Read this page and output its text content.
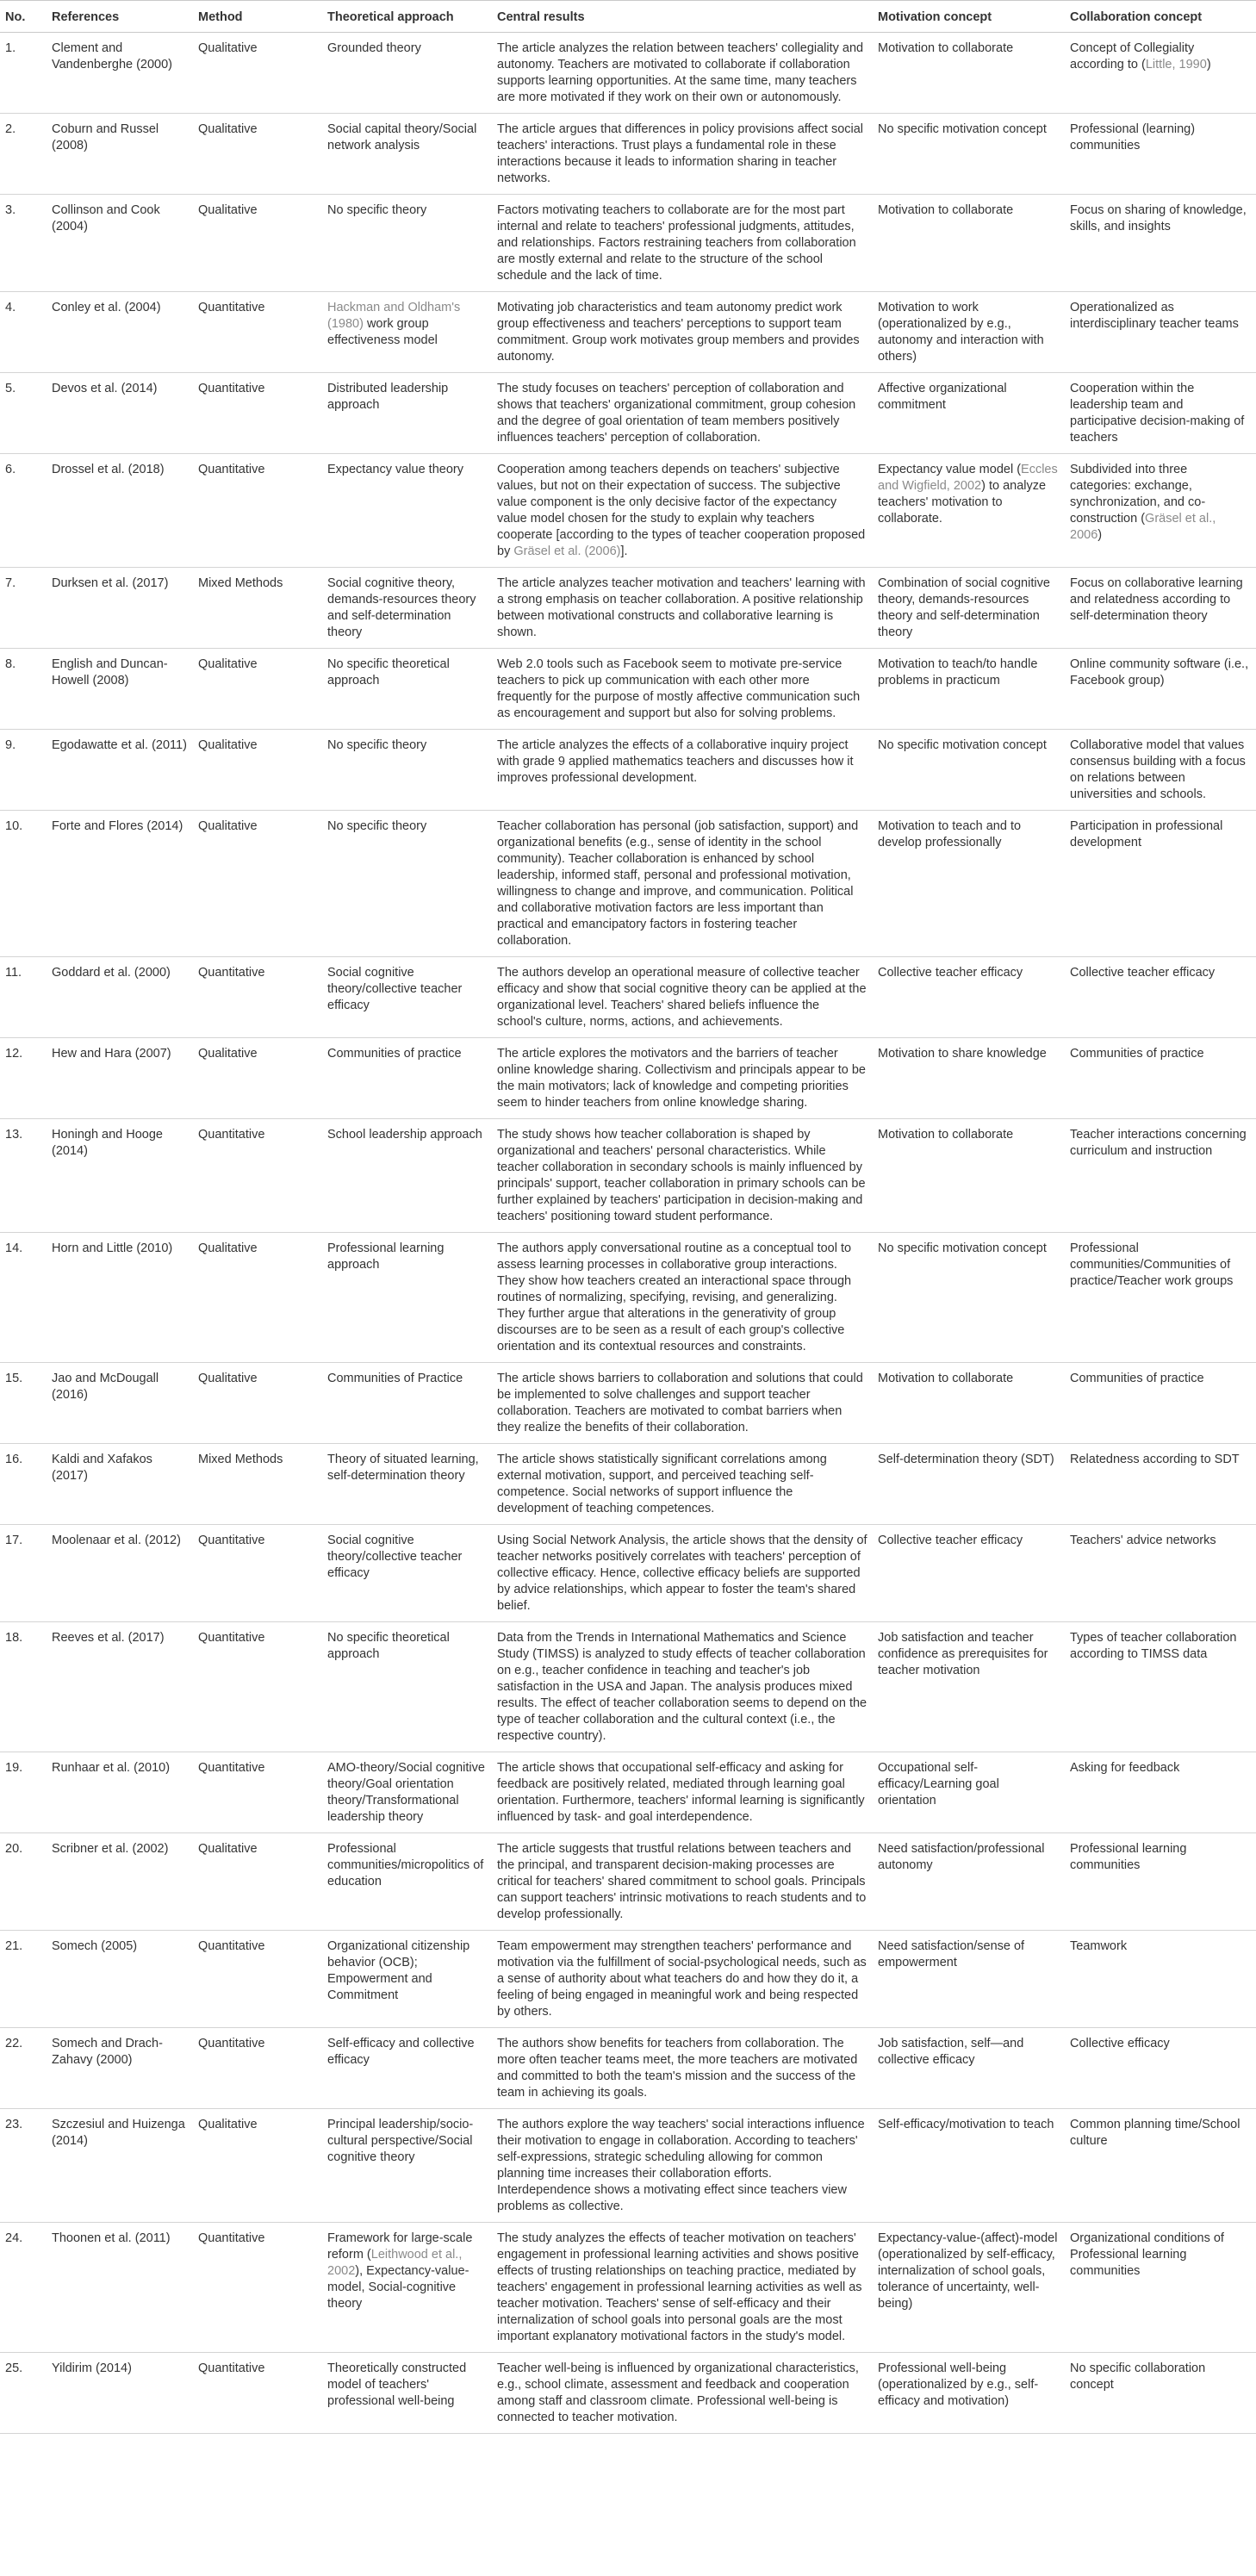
No.	References	Method	Theoretical approach	Central results	Motivation concept	Collaboration concept
1.	Clement and Vandenberghe (2000)	Qualitative	Grounded theory	The article analyzes the relation between teachers' collegiality and autonomy. Teachers are motivated to collaborate if collaboration supports learning opportunities. At the same time, many teachers are more motivated if they work on their own or autonomously.	Motivation to collaborate	Concept of Collegiality according to (Little, 1990)
2.	Coburn and Russel (2008)	Qualitative	Social capital theory/Social network analysis	The article argues that differences in policy provisions affect social teachers' interactions. Trust plays a fundamental role in these interactions because it leads to information sharing in teacher networks.	No specific motivation concept	Professional (learning) communities
3.	Collinson and Cook (2004)	Qualitative	No specific theory	Factors motivating teachers to collaborate are for the most part internal and relate to teachers' professional judgments, attitudes, and relationships. Factors restraining teachers from collaboration are mostly external and relate to the structure of the school schedule and the lack of time.	Motivation to collaborate	Focus on sharing of knowledge, skills, and insights
4.	Conley et al. (2004)	Quantitative	Hackman and Oldham's (1980) work group effectiveness model	Motivating job characteristics and team autonomy predict work group effectiveness and teachers' perceptions to support team commitment. Group work motivates group members and provides autonomy.	Motivation to work (operationalized by e.g., autonomy and interaction with others)	Operationalized as interdisciplinary teacher teams
5.	Devos et al. (2014)	Quantitative	Distributed leadership approach	The study focuses on teachers' perception of collaboration and shows that teachers' organizational commitment, group cohesion and the degree of goal orientation of team members positively influences teachers' perception of collaboration.	Affective organizational commitment	Cooperation within the leadership team and participative decision-making of teachers
6.	Drossel et al. (2018)	Quantitative	Expectancy value theory	Cooperation among teachers depends on teachers' subjective values, but not on their expectation of success. The subjective value component is the only decisive factor of the expectancy value model chosen for the study to explain why teachers cooperate [according to the types of teacher cooperation proposed by Gräsel et al. (2006)].	Expectancy value model (Eccles and Wigfield, 2002) to analyze teachers' motivation to collaborate.	Subdivided into three categories: exchange, synchronization, and co-construction (Gräsel et al., 2006)
7.	Durksen et al. (2017)	Mixed Methods	Social cognitive theory, demands-resources theory and self-determination theory	The article analyzes teacher motivation and teachers' learning with a strong emphasis on teacher collaboration. A positive relationship between motivational constructs and collaborative learning is shown.	Combination of social cognitive theory, demands-resources theory and self-determination theory	Focus on collaborative learning and relatedness according to self-determination theory
8.	English and Duncan-Howell (2008)	Qualitative	No specific theoretical approach	Web 2.0 tools such as Facebook seem to motivate pre-service teachers to pick up communication with each other more frequently for the purpose of mostly affective communication such as encouragement and support but also for solving problems.	Motivation to teach/to handle problems in practicum	Online community software (i.e., Facebook group)
9.	Egodawatte et al. (2011)	Qualitative	No specific theory	The article analyzes the effects of a collaborative inquiry project with grade 9 applied mathematics teachers and discusses how it improves professional development.	No specific motivation concept	Collaborative model that values consensus building with a focus on relations between universities and schools.
10.	Forte and Flores (2014)	Qualitative	No specific theory	Teacher collaboration has personal (job satisfaction, support) and organizational benefits (e.g., sense of identity in the school community). Teacher collaboration is enhanced by school leadership, informed staff, personal and professional motivation, willingness to change and improve, and communication. Political and collaborative motivation factors are less important than practical and emancipatory factors in fostering teacher collaboration.	Motivation to teach and to develop professionally	Participation in professional development
11.	Goddard et al. (2000)	Quantitative	Social cognitive theory/collective teacher efficacy	The authors develop an operational measure of collective teacher efficacy and show that social cognitive theory can be applied at the organizational level. Teachers' shared beliefs influence the school's culture, norms, actions, and achievements.	Collective teacher efficacy	Collective teacher efficacy
12.	Hew and Hara (2007)	Qualitative	Communities of practice	The article explores the motivators and the barriers of teacher online knowledge sharing. Collectivism and principals appear to be the main motivators; lack of knowledge and competing priorities seem to hinder teachers from online knowledge sharing.	Motivation to share knowledge	Communities of practice
13.	Honingh and Hooge (2014)	Quantitative	School leadership approach	The study shows how teacher collaboration is shaped by organizational and teachers' personal characteristics. While teacher collaboration in secondary schools is mainly influenced by principals' support, teacher collaboration in primary schools can be further explained by teachers' participation in decision-making and teachers' positioning toward student performance.	Motivation to collaborate	Teacher interactions concerning curriculum and instruction
14.	Horn and Little (2010)	Qualitative	Professional learning approach	The authors apply conversational routine as a conceptual tool to assess learning processes in collaborative group interactions. They show how teachers created an interactional space through routines of normalizing, specifying, revising, and generalizing. They further argue that alterations in the generativity of group discourses are to be seen as a result of each group's collective orientation and its contextual resources and constraints.	No specific motivation concept	Professional communities/Communities of practice/Teacher work groups
15.	Jao and McDougall (2016)	Qualitative	Communities of Practice	The article shows barriers to collaboration and solutions that could be implemented to solve challenges and support teacher collaboration. Teachers are motivated to combat barriers when they realize the benefits of their collaboration.	Motivation to collaborate	Communities of practice
16.	Kaldi and Xafakos (2017)	Mixed Methods	Theory of situated learning, self-determination theory	The article shows statistically significant correlations among external motivation, support, and perceived teaching self-competence. Social networks of support influence the development of teaching competences.	Self-determination theory (SDT)	Relatedness according to SDT
17.	Moolenaar et al. (2012)	Quantitative	Social cognitive theory/collective teacher efficacy	Using Social Network Analysis, the article shows that the density of teacher networks positively correlates with teachers' perception of collective efficacy. Hence, collective efficacy beliefs are supported by advice relationships, which appear to foster the team's shared belief.	Collective teacher efficacy	Teachers' advice networks
18.	Reeves et al. (2017)	Quantitative	No specific theoretical approach	Data from the Trends in International Mathematics and Science Study (TIMSS) is analyzed to study effects of teacher collaboration on e.g., teacher confidence in teaching and teacher's job satisfaction in the USA and Japan. The analysis produces mixed results. The effect of teacher collaboration seems to depend on the type of teacher collaboration and the cultural context (i.e., the respective country).	Job satisfaction and teacher confidence as prerequisites for teacher motivation	Types of teacher collaboration according to TIMSS data
19.	Runhaar et al. (2010)	Quantitative	AMO-theory/Social cognitive theory/Goal orientation theory/Transformational leadership theory	The article shows that occupational self-efficacy and asking for feedback are positively related, mediated through learning goal orientation. Furthermore, teachers' informal learning is significantly influenced by task- and goal interdependence.	Occupational self-efficacy/Learning goal orientation	Asking for feedback
20.	Scribner et al. (2002)	Qualitative	Professional communities/micropolitics of education	The article suggests that trustful relations between teachers and the principal, and transparent decision-making processes are critical for teachers' shared commitment to school goals. Principals can support teachers' intrinsic motivations to reach students and to develop professionally.	Need satisfaction/professional autonomy	Professional learning communities
21.	Somech (2005)	Quantitative	Organizational citizenship behavior (OCB); Empowerment and Commitment	Team empowerment may strengthen teachers' performance and motivation via the fulfillment of social-psychological needs, such as a sense of authority about what teachers do and how they do it, a feeling of being engaged in meaningful work and being respected by others.	Need satisfaction/sense of empowerment	Teamwork
22.	Somech and Drach-Zahavy (2000)	Quantitative	Self-efficacy and collective efficacy	The authors show benefits for teachers from collaboration. The more often teacher teams meet, the more teachers are motivated and committed to both the team's mission and the success of the team in achieving its goals.	Job satisfaction, self—and collective efficacy	Collective efficacy
23.	Szczesiul and Huizenga (2014)	Qualitative	Principal leadership/socio-cultural perspective/Social cognitive theory	The authors explore the way teachers' social interactions influence their motivation to engage in collaboration. According to teachers' self-expressions, strategic scheduling allowing for common planning time increases their collaboration efforts. Interdependence shows a motivating effect since teachers view problems as collective.	Self-efficacy/motivation to teach	Common planning time/School culture
24.	Thoonen et al. (2011)	Quantitative	Framework for large-scale reform (Leithwood et al., 2002), Expectancy-value-model, Social-cognitive theory	The study analyzes the effects of teacher motivation on teachers' engagement in professional learning activities and shows positive effects of trusting relationships on teaching practice, mediated by teachers' engagement in professional learning activities as well as teacher motivation. Teachers' sense of self-efficacy and their internalization of school goals into personal goals are the most important explanatory motivational factors in the study's model.	Expectancy-value-(affect)-model (operationalized by self-efficacy, internalization of school goals, tolerance of uncertainty, well-being)	Organizational conditions of Professional learning communities
25.	Yildirim (2014)	Quantitative	Theoretically constructed model of teachers' professional well-being	Teacher well-being is influenced by organizational characteristics, e.g., school climate, assessment and feedback and cooperation among staff and classroom climate. Professional well-being is connected to teacher motivation.	Professional well-being (operationalized by e.g., self-efficacy and motivation)	No specific collaboration concept
